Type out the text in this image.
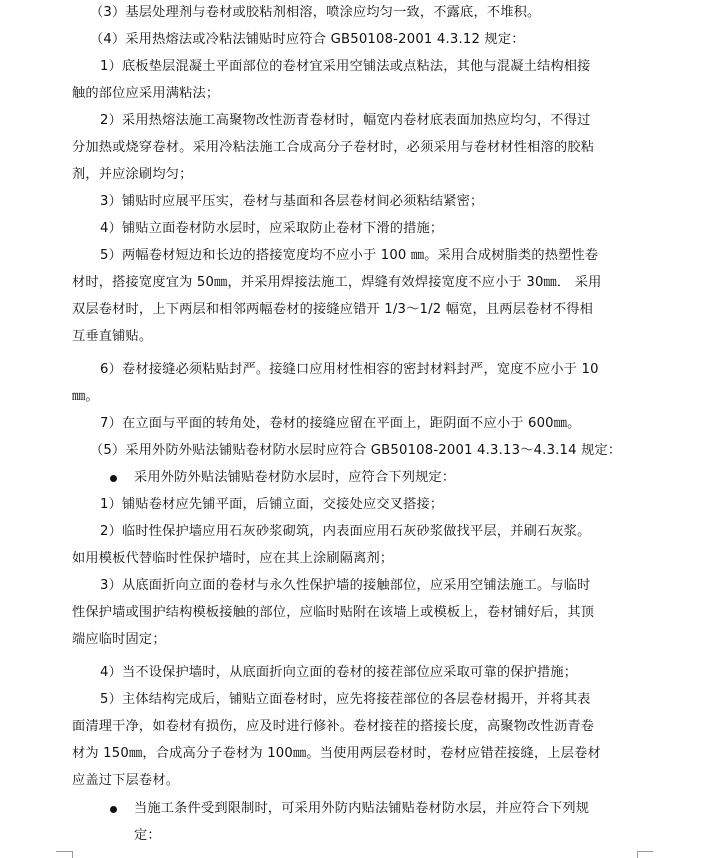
（3）基层处理剂与卷材或胶粘剂相溶，喷涂应均匀一致，不露底，不堆积。
（4）采用热熔法或冷粘法铺贴时应符合 GB50108-2001 4.3.12 规定：
1）底板垫层混凝土平面部位的卷材宜采用空铺法或点粘法，其他与混凝土结构相接
触的部位应采用满粘法；
2）采用热熔法施工高聚物改性沥青卷材时，幅宽内卷材底表面加热应均匀，不得过
分加热或烧穿卷材。采用冷粘法施工合成高分子卷材时，必须采用与卷材材性相溶的胶粘
剂，并应涂刷均匀；
3）铺贴时应展平压实，卷材与基面和各层卷材间必须粘结紧密；
4）铺贴立面卷材防水层时，应采取防止卷材下滑的措施；
5）两幅卷材短边和长边的搭接宽度均不应小于 100 ㎜。采用合成树脂类的热塑性卷
材时，搭接宽度宜为 50㎜，并采用焊接法施工，焊缝有效焊接宽度不应小于 30㎜． 采用
双层卷材时，上下两层和相邻两幅卷材的接缝应错开 1/3～1/2 幅宽，且两层卷材不得相
互垂直铺贴。
6）卷材接缝必须粘贴封严。接缝口应用材性相容的密封材料封严，宽度不应小于 10
㎜。
7）在立面与平面的转角处，卷材的接缝应留在平面上，距阴面不应小于 600㎜。
（5）采用外防外贴法铺贴卷材防水层时应符合 GB50108-2001 4.3.13～4.3.14 规定：
采用外防外贴法铺贴卷材防水层时，应符合下列规定：
1）铺贴卷材应先铺平面，后铺立面，交接处应交叉搭接；
2）临时性保护墙应用石灰砂浆砌筑，内表面应用石灰砂浆做找平层，并刷石灰浆。
如用模板代替临时性保护墙时，应在其上涂刷隔离剂；
3）从底面折向立面的卷材与永久性保护墙的接触部位，应采用空铺法施工。与临时
性保护墙或围护结构模板接触的部位，应临时贴附在该墙上或模板上，卷材铺好后，其顶
端应临时固定；
4）当不设保护墙时，从底面折向立面的卷材的接茬部位应采取可靠的保护措施；
5）主体结构完成后，铺贴立面卷材时，应先将接茬部位的各层卷材揭开，并将其表
面清理干净，如卷材有损伤，应及时进行修补。卷材接茬的搭接长度，高聚物改性沥青卷
材为 150㎜，合成高分子卷材为 100㎜。当使用两层卷材时，卷材应错茬接缝，上层卷材
应盖过下层卷材。
当施工条件受到限制时，可采用外防内贴法铺贴卷材防水层，并应符合下列规
定：
